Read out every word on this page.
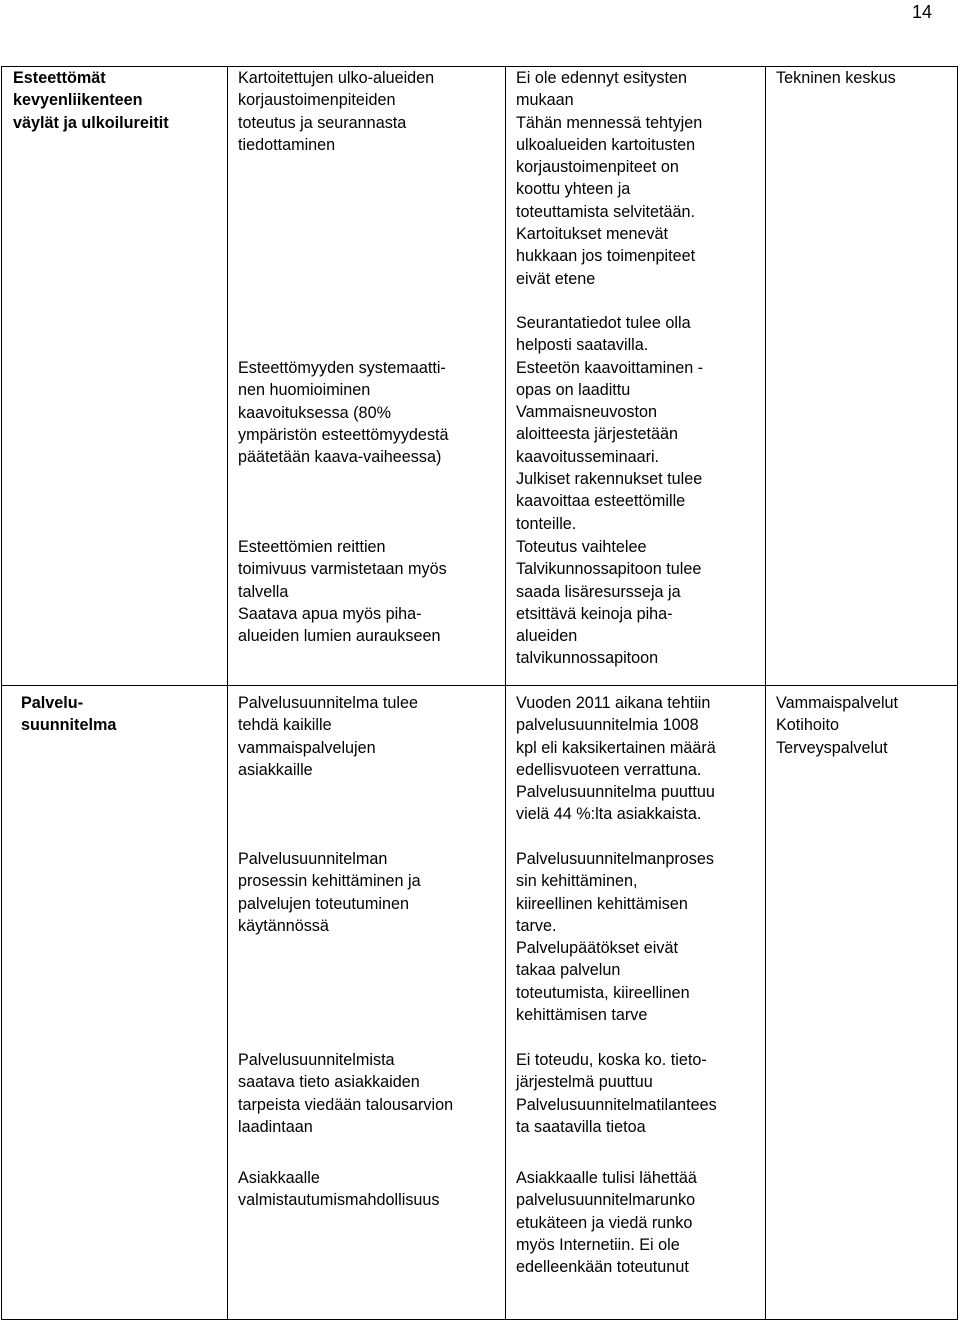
14
Esteettömät
kevyenliikenteen
väylät ja ulkoilureitit
Tekninen keskus
Kartoitettujen ulko-alueiden
korjaustoimenpiteiden
toteutus ja seurannasta
tiedottaminen
Ei ole edennyt esitysten
mukaan
Tähän mennessä tehtyjen
ulkoalueiden kartoitusten
korjaustoimenpiteet on
koottu yhteen ja
toteuttamista selvitetään.
Kartoitukset menevät
hukkaan jos toimenpiteet
eivät etene
Esteettömyyden systemaatti-
nen huomioiminen
kaavoituksessa (80%
ympäristön esteettömyydestä
päätetään kaava-vaiheessa)
Seurantatiedot tulee olla
helposti saatavilla.
Esteetön kaavoittaminen -
opas on laadittu
Vammaisneuvoston
aloitteesta järjestetään
kaavoitusseminaari.
Julkiset rakennukset tulee
kaavoittaa esteettömille
tonteille.
Esteettömien reittien
toimivuus varmistetaan myös
talvella
Saatava apua myös piha-
alueiden lumien auraukseen
Toteutus vaihtelee
Talvikunnossapitoon tulee
saada lisäresursseja ja
etsittävä keinoja piha-
alueiden
talvikunnossapitoon
Palvelu-
suunnitelma
Vammaispalvelut
Kotihoito
Terveyspalvelut
Palvelusuunnitelma tulee
tehdä kaikille
vammaispalvelujen
asiakkaille
Vuoden 2011 aikana tehtiin
palvelusuunnitelmia 1008
kpl eli kaksikertainen määrä
edellisvuoteen verrattuna.
Palvelusuunnitelma puuttuu
vielä 44 %:lta asiakkaista.
Palvelusuunnitelman
prosessin kehittäminen ja
palvelujen toteutuminen
käytännössä
Palvelusuunnitelmanproses
sin kehittäminen,
kiireellinen kehittämisen
tarve.
Palvelupäätökset eivät
takaa palvelun
toteutumista, kiireellinen
kehittämisen tarve
Palvelusuunnitelmista
saatava tieto asiakkaiden
tarpeista viedään talousarvion
laadintaan
Ei toteudu, koska ko. tieto-
järjestelmä puuttuu
Palvelusuunnitelmatilantees
ta saatavilla tietoa
Asiakkaalle
valmistautumismahdollisuus
Asiakkaalle tulisi lähettää
palvelusuunnitelmarunko
etukäteen ja viedä runko
myös Internetiin. Ei ole
edelleenkään toteutunut
